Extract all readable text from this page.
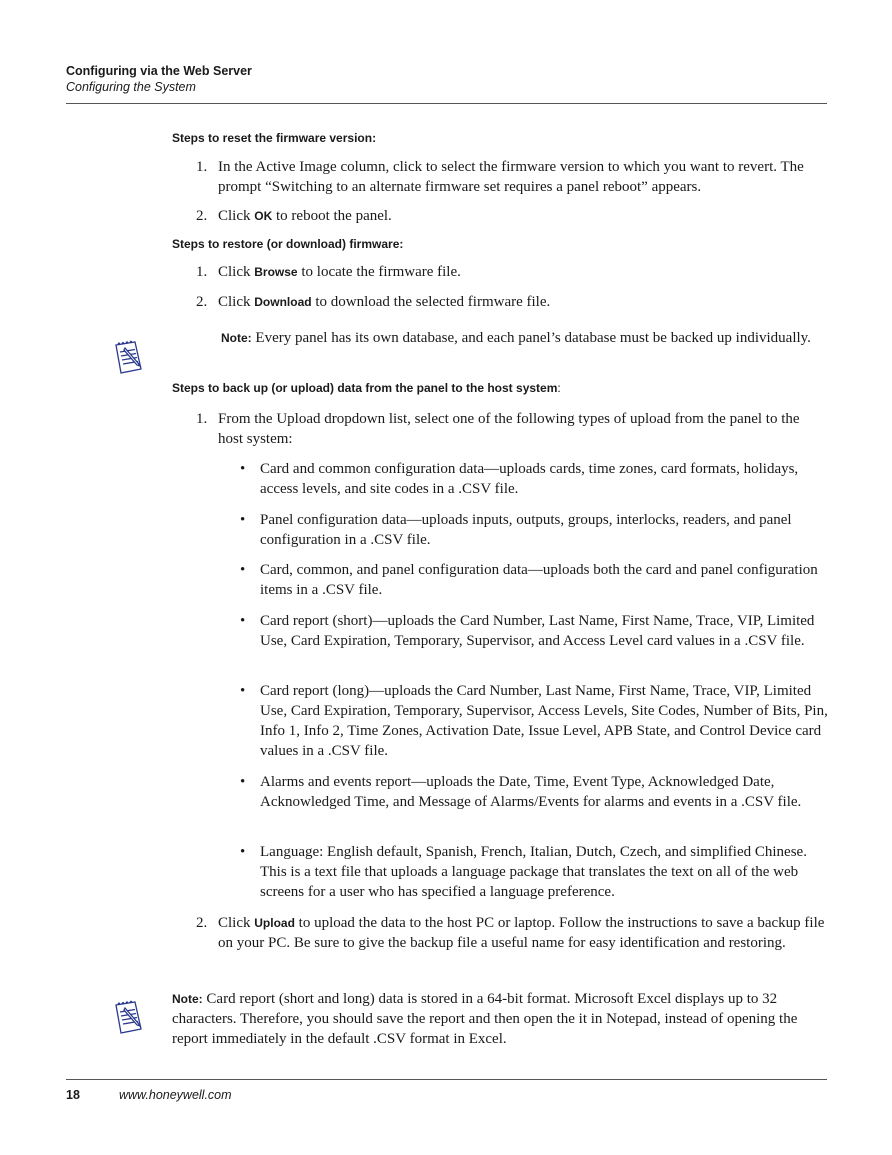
Configuring via the Web Server
Configuring the System
Steps to reset the firmware version:
1. In the Active Image column, click to select the firmware version to which you want to revert. The prompt “Switching to an alternate firmware set requires a panel reboot” appears.
2. Click OK to reboot the panel.
Steps to restore (or download) firmware:
1. Click Browse to locate the firmware file.
2. Click Download to download the selected firmware file.
Note: Every panel has its own database, and each panel’s database must be backed up individually.
Steps to back up (or upload) data from the panel to the host system:
1. From the Upload dropdown list, select one of the following types of upload from the panel to the host system:
• Card and common configuration data—uploads cards, time zones, card formats, holidays, access levels, and site codes in a .CSV file.
• Panel configuration data—uploads inputs, outputs, groups, interlocks, readers, and panel configuration in a .CSV file.
• Card, common, and panel configuration data—uploads both the card and panel configuration items in a .CSV file.
• Card report (short)—uploads the Card Number, Last Name, First Name, Trace, VIP, Limited Use, Card Expiration, Temporary, Supervisor, and Access Level card values in a .CSV file.
• Card report (long)—uploads the Card Number, Last Name, First Name, Trace, VIP, Limited Use, Card Expiration, Temporary, Supervisor, Access Levels, Site Codes, Number of Bits, Pin, Info 1, Info 2, Time Zones, Activation Date, Issue Level, APB State, and Control Device card values in a .CSV file.
• Alarms and events report—uploads the Date, Time, Event Type, Acknowledged Date, Acknowledged Time, and Message of Alarms/Events for alarms and events in a .CSV file.
• Language: English default, Spanish, French, Italian, Dutch, Czech, and simplified Chinese. This is a text file that uploads a language package that translates the text on all of the web screens for a user who has specified a language preference.
2. Click Upload to upload the data to the host PC or laptop. Follow the instructions to save a backup file on your PC. Be sure to give the backup file a useful name for easy identification and restoring.
Note: Card report (short and long) data is stored in a 64-bit format. Microsoft Excel displays up to 32 characters. Therefore, you should save the report and then open the it in Notepad, instead of opening the report immediately in the default .CSV format in Excel.
18	www.honeywell.com
